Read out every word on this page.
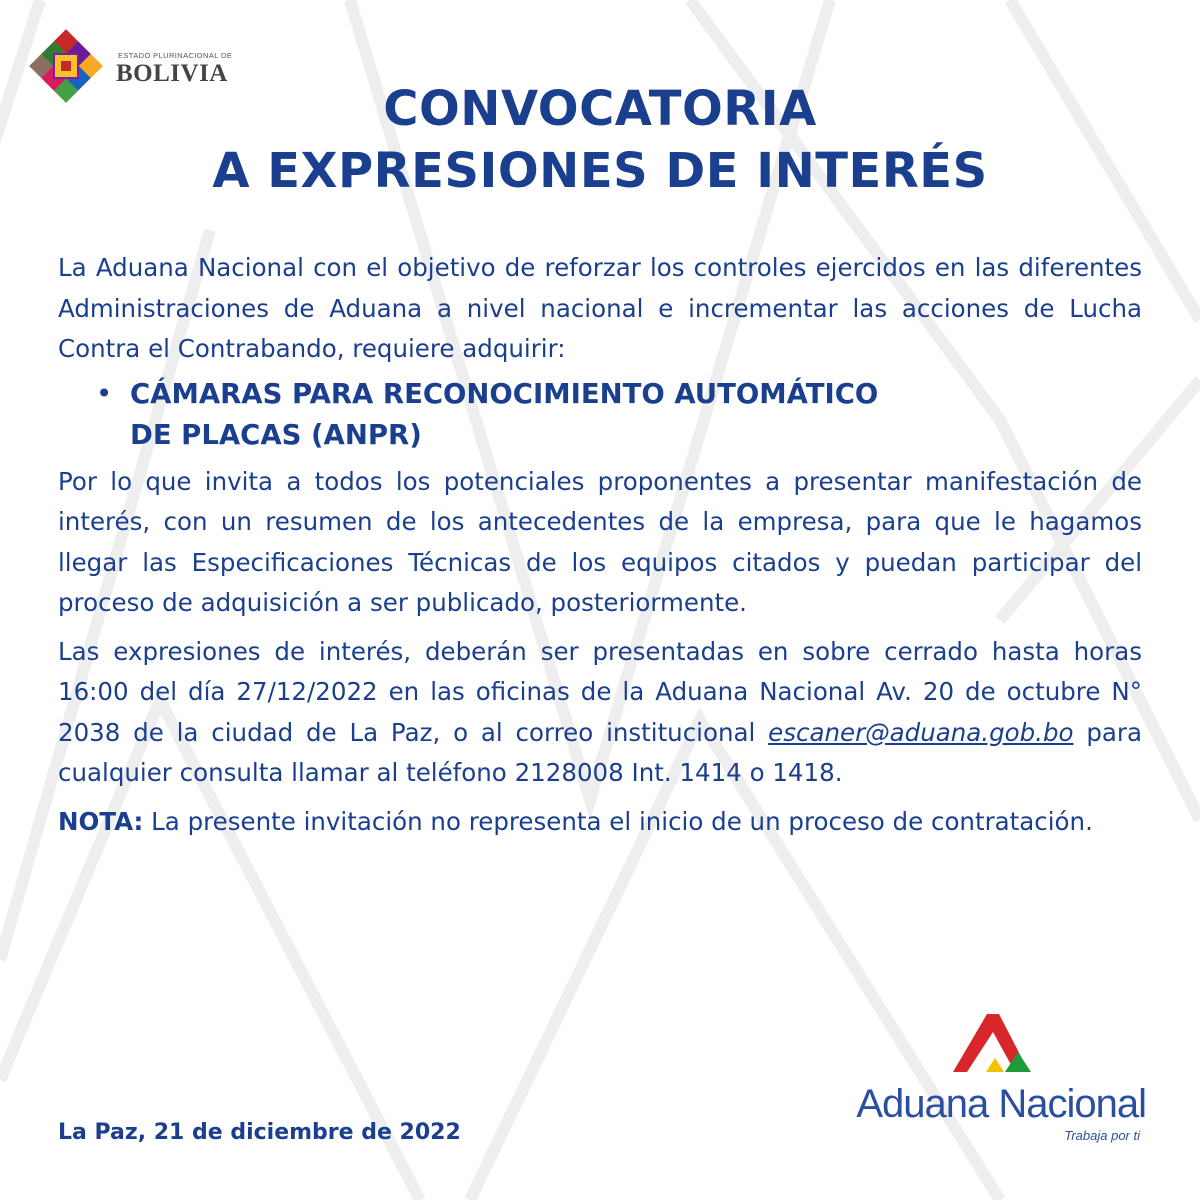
ESTADO PLURINACIONAL DE
BOLIVIA
CONVOCATORIA
A EXPRESIONES DE INTERÉS

La Aduana Nacional con el objetivo de reforzar los controles ejercidos en las diferentes Administraciones de Aduana a nivel nacional e incrementar las acciones de Lucha Contra el Contrabando, requiere adquirir:

• CÁMARAS PARA RECONOCIMIENTO AUTOMÁTICO
DE PLACAS (ANPR)

Por lo que invita a todos los potenciales proponentes a presentar manifestación de interés, con un resumen de los antecedentes de la empresa, para que le hagamos llegar las Especificaciones Técnicas de los equipos citados y puedan participar del proceso de adquisición a ser publicado, posteriormente.

Las expresiones de interés, deberán ser presentadas en sobre cerrado hasta horas 16:00 del día 27/12/2022 en las oficinas de la Aduana Nacional Av. 20 de octubre N° 2038 de la ciudad de La Paz, o al correo institucional escaner@aduana.gob.bo para cualquier consulta llamar al teléfono 2128008 Int. 1414 o 1418.

NOTA: La presente invitación no representa el inicio de un proceso de contratación.

La Paz, 21 de diciembre de 2022
Aduana Nacional
Trabaja por ti
